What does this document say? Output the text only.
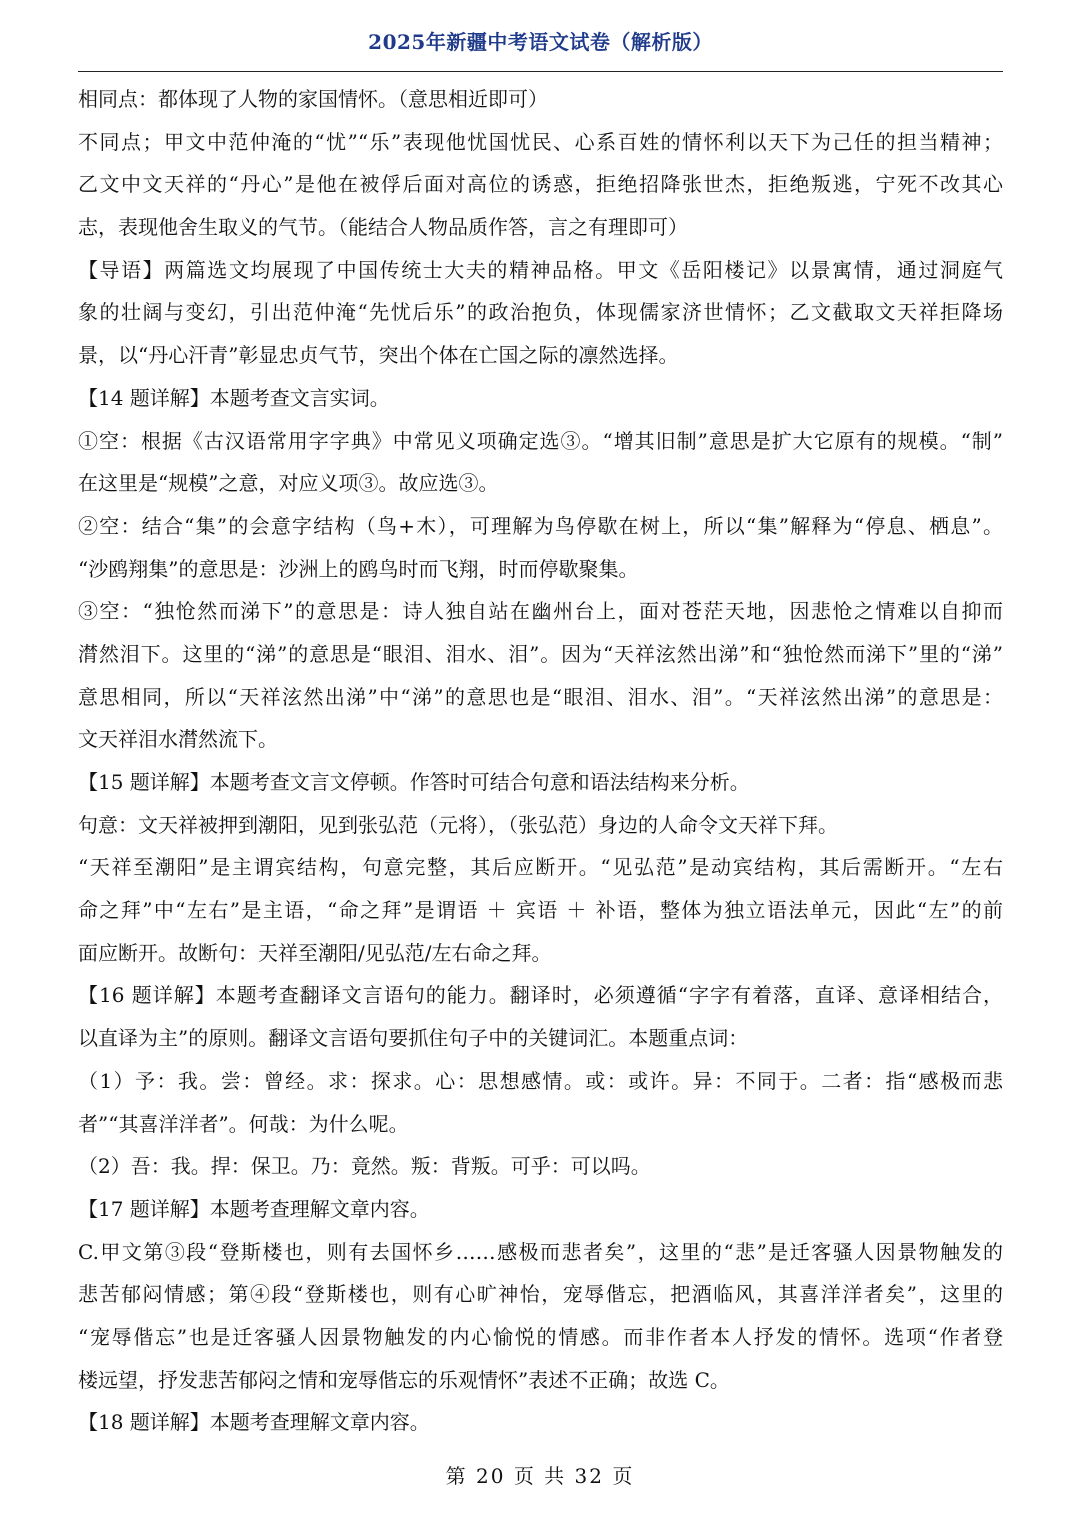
2025年新疆中考语文试卷（解析版）
相同点：都体现了人物的家国情怀。（意思相近即可）
不同点；甲文中范仲淹的“忧”“乐”表现他忧国忧民、心系百姓的情怀利以天下为己任的担当精神；
乙文中文天祥的“丹心”是他在被俘后面对高位的诱惑，拒绝招降张世杰，拒绝叛逃，宁死不改其心
志，表现他舍生取义的气节。（能结合人物品质作答，言之有理即可）
【导语】两篇选文均展现了中国传统士大夫的精神品格。甲文《岳阳楼记》以景寓情，通过洞庭气
象的壮阔与变幻，引出范仲淹“先忧后乐”的政治抱负，体现儒家济世情怀；乙文截取文天祥拒降场
景，以“丹心汗青”彰显忠贞气节，突出个体在亡国之际的凛然选择。
【14 题详解】本题考查文言实词。
①空：根据《古汉语常用字字典》中常见义项确定选③。“增其旧制”意思是扩大它原有的规模。“制”
在这里是“规模”之意，对应义项③。故应选③。
②空：结合“集”的会意字结构（鸟+木），可理解为鸟停歇在树上，所以“集”解释为“停息、栖息”。
“沙鸥翔集”的意思是：沙洲上的鸥鸟时而飞翔，时而停歇聚集。
③空：“独怆然而涕下”的意思是：诗人独自站在幽州台上，面对苍茫天地，因悲怆之情难以自抑而
潸然泪下。这里的“涕”的意思是“眼泪、泪水、泪”。因为“天祥泫然出涕”和“独怆然而涕下”里的“涕”
意思相同，所以“天祥泫然出涕”中“涕”的意思也是“眼泪、泪水、泪”。“天祥泫然出涕”的意思是：
文天祥泪水潸然流下。
【15 题详解】本题考查文言文停顿。作答时可结合句意和语法结构来分析。
句意：文天祥被押到潮阳，见到张弘范（元将），（张弘范）身边的人命令文天祥下拜。
“天祥至潮阳”是主谓宾结构，句意完整，其后应断开。“见弘范”是动宾结构，其后需断开。“左右
命之拜”中“左右”是主语，“命之拜”是谓语 ＋ 宾语 ＋ 补语，整体为独立语法单元，因此“左”的前
面应断开。故断句：天祥至潮阳/见弘范/左右命之拜。
【16 题详解】本题考查翻译文言语句的能力。翻译时，必须遵循“字字有着落，直译、意译相结合，
以直译为主”的原则。翻译文言语句要抓住句子中的关键词汇。本题重点词：
（1）予：我。尝：曾经。求：探求。心：思想感情。或：或许。异：不同于。二者：指“感极而悲
者”“其喜洋洋者”。何哉：为什么呢。
（2）吾：我。捍：保卫。乃：竟然。叛：背叛。可乎：可以吗。
【17 题详解】本题考查理解文章内容。
C.甲文第③段“登斯楼也，则有去国怀乡……感极而悲者矣”，这里的“悲”是迁客骚人因景物触发的
悲苦郁闷情感；第④段“登斯楼也，则有心旷神怡，宠辱偕忘，把酒临风，其喜洋洋者矣”，这里的
“宠辱偕忘”也是迁客骚人因景物触发的内心愉悦的情感。而非作者本人抒发的情怀。选项“作者登
楼远望，抒发悲苦郁闷之情和宠辱偕忘的乐观情怀”表述不正确；故选 C。
【18 题详解】本题考查理解文章内容。
第 20 页 共 32 页
